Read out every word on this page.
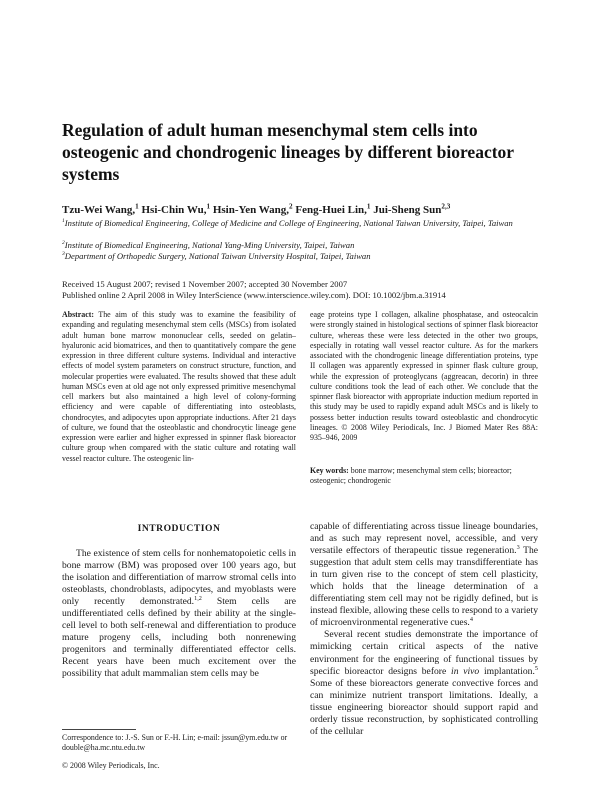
Regulation of adult human mesenchymal stem cells into osteogenic and chondrogenic lineages by different bioreactor systems
Tzu-Wei Wang,$^1$ Hsi-Chin Wu,$^1$ Hsin-Yen Wang,$^2$ Feng-Huei Lin,$^1$ Jui-Sheng Sun$^{2,3}$
$^1$Institute of Biomedical Engineering, College of Medicine and College of Engineering, National Taiwan University, Taipei, Taiwan
$^2$Institute of Biomedical Engineering, National Yang-Ming University, Taipei, Taiwan
$^3$Department of Orthopedic Surgery, National Taiwan University Hospital, Taipei, Taiwan
Received 15 August 2007; revised 1 November 2007; accepted 30 November 2007
Published online 2 April 2008 in Wiley InterScience (www.interscience.wiley.com). DOI: 10.1002/jbm.a.31914

Abstract: The aim of this study was to examine the feasibility of expanding and regulating mesenchymal stem cells (MSCs) from isolated adult human bone marrow mononuclear cells, seeded on gelatin–hyaluronic acid biomatrices, and then to quantitatively compare the gene expression in three different culture systems. Individual and interactive effects of model system parameters on construct structure, function, and molecular properties were evaluated. The results showed that these adult human MSCs even at old age not only expressed primitive mesenchymal cell markers but also maintained a high level of colony-forming efficiency and were capable of differentiating into osteoblasts, chondrocytes, and adipocytes upon appropriate inductions. After 21 days of culture, we found that the osteoblastic and chondrocytic lineage gene expression were earlier and higher expressed in spinner flask bioreactor culture group when compared with the static culture and rotating wall vessel reactor culture. The osteogenic lin-

eage proteins type I collagen, alkaline phosphatase, and osteocalcin were strongly stained in histological sections of spinner flask bioreactor culture, whereas these were less detected in the other two groups, especially in rotating wall vessel reactor culture. As for the markers associated with the chondrogenic lineage differentiation proteins, type II collagen was apparently expressed in spinner flask culture group, while the expression of proteoglycans (aggreacan, decorin) in three culture conditions took the lead of each other. We conclude that the spinner flask bioreactor with appropriate induction medium reported in this study may be used to rapidly expand adult MSCs and is likely to possess better induction results toward osteoblastic and chondrocytic lineages. © 2008 Wiley Periodicals, Inc. J Biomed Mater Res 88A: 935–946, 2009

Key words: bone marrow; mesenchymal stem cells; bioreactor; osteogenic; chondrogenic
INTRODUCTION

The existence of stem cells for nonhematopoietic cells in bone marrow (BM) was proposed over 100 years ago, but the isolation and differentiation of marrow stromal cells into osteoblasts, chondroblasts, adipocytes, and myoblasts were only recently demonstrated.$^{1,2}$ Stem cells are undifferentiated cells defined by their ability at the single-cell level to both self-renewal and differentiation to produce mature progeny cells, including both nonrenewing progenitors and terminally differentiated effector cells. Recent years have been much excitement over the possibility that adult mammalian stem cells may be

capable of differentiating across tissue lineage boundaries, and as such may represent novel, accessible, and very versatile effectors of therapeutic tissue regeneration.$^3$ The suggestion that adult stem cells may transdifferentiate has in turn given rise to the concept of stem cell plasticity, which holds that the lineage determination of a differentiating stem cell may not be rigidly defined, but is instead flexible, allowing these cells to respond to a variety of microenvironmental regenerative cues.$^4$

Several recent studies demonstrate the importance of mimicking certain critical aspects of the native environment for the engineering of functional tissues by specific bioreactor designs before in vivo implantation.$^5$ Some of these bioreactors generate convective forces and can minimize nutrient transport limitations. Ideally, a tissue engineering bioreactor should support rapid and orderly tissue reconstruction, by sophisticated controlling of the cellular

Correspondence to: J.-S. Sun or F.-H. Lin; e-mail: jssun@ym.edu.tw or double@ha.mc.ntu.edu.tw
© 2008 Wiley Periodicals, Inc.
